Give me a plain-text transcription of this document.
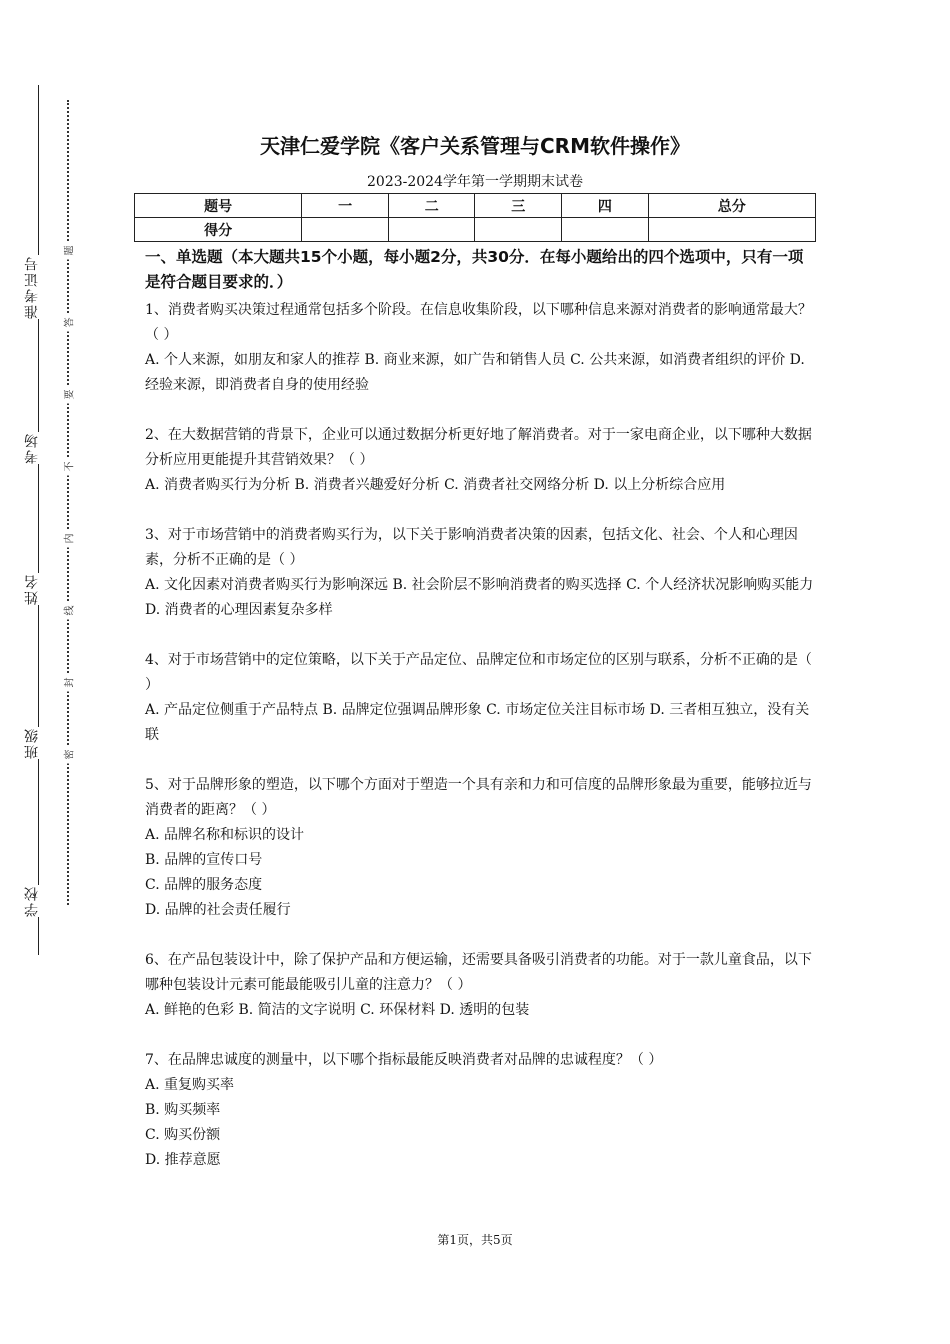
准考证号
考场
姓名
班级
学校
题
答
要
不
内
线
封
密
天津仁爱学院《客户关系管理与CRM软件操作》
2023-2024学年第一学期期末试卷
题号	一	二	三	四	总分
得分					
一、单选题（本大题共15个小题，每小题2分，共30分．在每小题给出的四个选项中，只有一项是符合题目要求的．）
1、消费者购买决策过程通常包括多个阶段。在信息收集阶段，以下哪种信息来源对消费者的影响通常最大？（ ）
A. 个人来源，如朋友和家人的推荐 B. 商业来源，如广告和销售人员 C. 公共来源，如消费者组织的评价 D. 经验来源，即消费者自身的使用经验
2、在大数据营销的背景下，企业可以通过数据分析更好地了解消费者。对于一家电商企业，以下哪种大数据分析应用更能提升其营销效果？（ ）
A. 消费者购买行为分析 B. 消费者兴趣爱好分析 C. 消费者社交网络分析 D. 以上分析综合应用
3、对于市场营销中的消费者购买行为，以下关于影响消费者决策的因素，包括文化、社会、个人和心理因素，分析不正确的是（ ）
A. 文化因素对消费者购买行为影响深远 B. 社会阶层不影响消费者的购买选择 C. 个人经济状况影响购买能力 D. 消费者的心理因素复杂多样
4、对于市场营销中的定位策略，以下关于产品定位、品牌定位和市场定位的区别与联系，分析不正确的是（ ）
A. 产品定位侧重于产品特点 B. 品牌定位强调品牌形象 C. 市场定位关注目标市场 D. 三者相互独立，没有关联
5、对于品牌形象的塑造，以下哪个方面对于塑造一个具有亲和力和可信度的品牌形象最为重要，能够拉近与消费者的距离？（ ）
A. 品牌名称和标识的设计
B. 品牌的宣传口号
C. 品牌的服务态度
D. 品牌的社会责任履行
6、在产品包装设计中，除了保护产品和方便运输，还需要具备吸引消费者的功能。对于一款儿童食品，以下哪种包装设计元素可能最能吸引儿童的注意力？（ ）
A. 鲜艳的色彩 B. 简洁的文字说明 C. 环保材料 D. 透明的包装
7、在品牌忠诚度的测量中，以下哪个指标最能反映消费者对品牌的忠诚程度？（ ）
A. 重复购买率
B. 购买频率
C. 购买份额
D. 推荐意愿
第1页，共5页
